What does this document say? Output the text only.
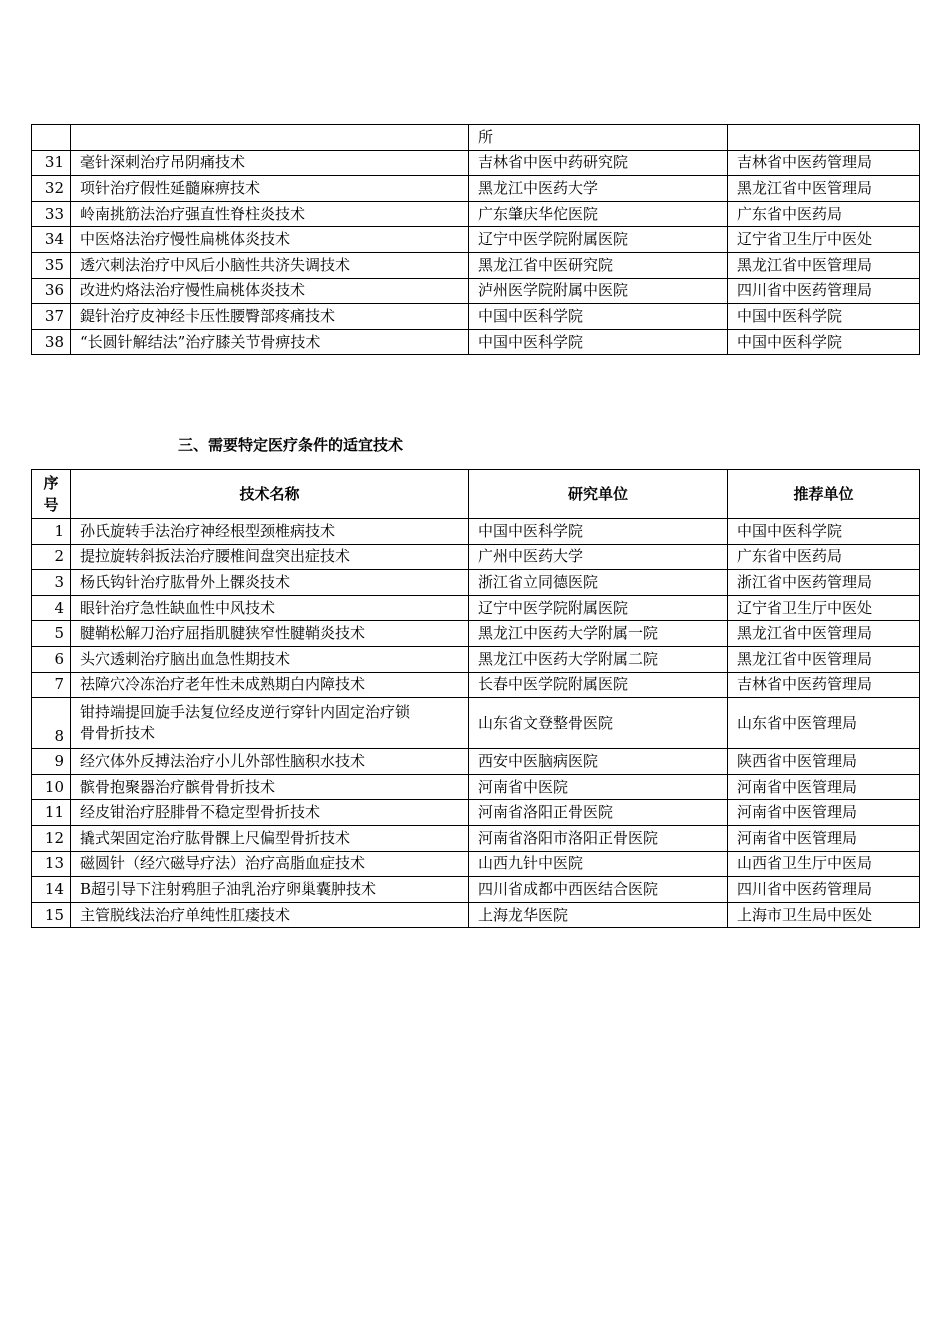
		所	
31	毫针深刺治疗吊阴痛技术	吉林省中医中药研究院	吉林省中医药管理局
32	项针治疗假性延髓麻痹技术	黑龙江中医药大学	黑龙江省中医管理局
33	岭南挑筋法治疗强直性脊柱炎技术	广东肇庆华佗医院	广东省中医药局
34	中医烙法治疗慢性扁桃体炎技术	辽宁中医学院附属医院	辽宁省卫生厅中医处
35	透穴刺法治疗中风后小脑性共济失调技术	黑龙江省中医研究院	黑龙江省中医管理局
36	改进灼烙法治疗慢性扁桃体炎技术	泸州医学院附属中医院	四川省中医药管理局
37	鍉针治疗皮神经卡压性腰臀部疼痛技术	中国中医科学院	中国中医科学院
38	“长圆针解结法”治疗膝关节骨痹技术	中国中医科学院	中国中医科学院
三、需要特定医疗条件的适宜技术
序
号	技术名称	研究单位	推荐单位
1	孙氏旋转手法治疗神经根型颈椎病技术	中国中医科学院	中国中医科学院
2	提拉旋转斜扳法治疗腰椎间盘突出症技术	广州中医药大学	广东省中医药局
3	杨氏钩针治疗肱骨外上髁炎技术	浙江省立同德医院	浙江省中医药管理局
4	眼针治疗急性缺血性中风技术	辽宁中医学院附属医院	辽宁省卫生厅中医处
5	腱鞘松解刀治疗屈指肌腱狭窄性腱鞘炎技术	黑龙江中医药大学附属一院	黑龙江省中医管理局
6	头穴透刺治疗脑出血急性期技术	黑龙江中医药大学附属二院	黑龙江省中医管理局
7	祛障穴冷冻治疗老年性未成熟期白内障技术	长春中医学院附属医院	吉林省中医药管理局
8	钳持端提回旋手法复位经皮逆行穿针内固定治疗锁
骨骨折技术	山东省文登整骨医院	山东省中医管理局
9	经穴体外反搏法治疗小儿外部性脑积水技术	西安中医脑病医院	陕西省中医管理局
10	髌骨抱聚器治疗髌骨骨折技术	河南省中医院	河南省中医管理局
11	经皮钳治疗胫腓骨不稳定型骨折技术	河南省洛阳正骨医院	河南省中医管理局
12	撬式架固定治疗肱骨髁上尺偏型骨折技术	河南省洛阳市洛阳正骨医院	河南省中医管理局
13	磁圆针（经穴磁导疗法）治疗高脂血症技术	山西九针中医院	山西省卫生厅中医局
14	B超引导下注射鸦胆子油乳治疗卵巢囊肿技术	四川省成都中西医结合医院	四川省中医药管理局
15	主管脱线法治疗单纯性肛瘘技术	上海龙华医院	上海市卫生局中医处
